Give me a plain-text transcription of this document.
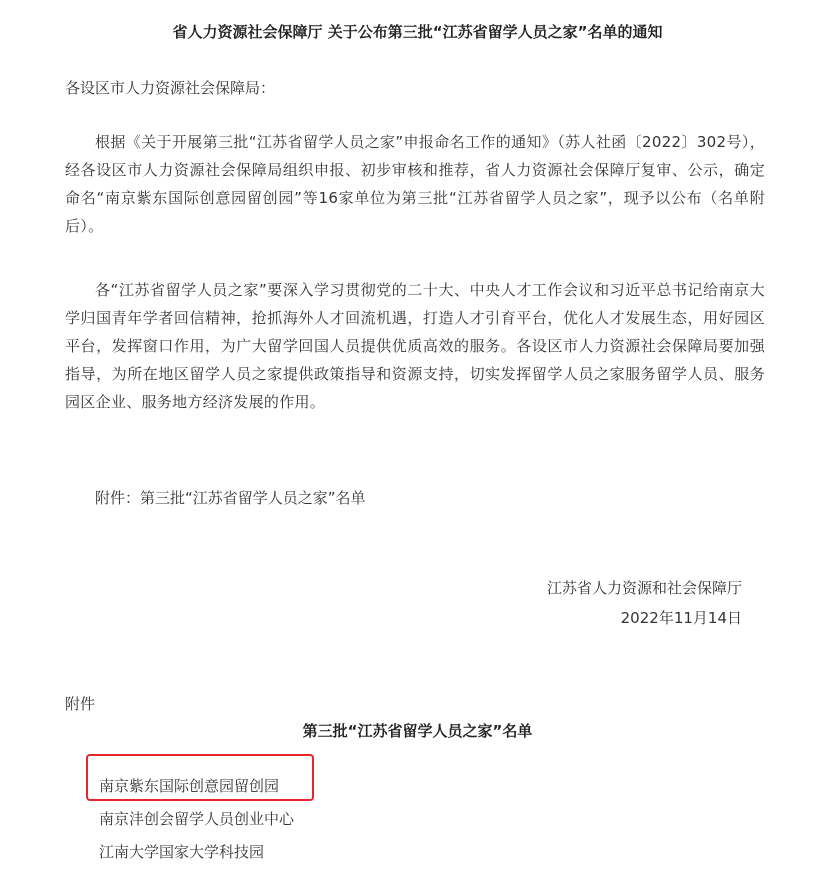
省人力资源社会保障厅 关于公布第三批“江苏省留学人员之家”名单的通知
各设区市人力资源社会保障局：
根据《关于开展第三批“江苏省留学人员之家”申报命名工作的通知》（苏人社函〔2022〕302号），经各设区市人力资源社会保障局组织申报、初步审核和推荐，省人力资源社会保障厅复审、公示，确定命名“南京紫东国际创意园留创园”等16家单位为第三批“江苏省留学人员之家”，现予以公布（名单附后）。
各“江苏省留学人员之家”要深入学习贯彻党的二十大、中央人才工作会议和习近平总书记给南京大学归国青年学者回信精神，抢抓海外人才回流机遇，打造人才引育平台，优化人才发展生态，用好园区平台，发挥窗口作用，为广大留学回国人员提供优质高效的服务。各设区市人力资源社会保障局要加强指导，为所在地区留学人员之家提供政策指导和资源支持，切实发挥留学人员之家服务留学人员、服务园区企业、服务地方经济发展的作用。
附件：第三批“江苏省留学人员之家”名单
江苏省人力资源和社会保障厅
2022年11月14日
附件
第三批“江苏省留学人员之家”名单
南京紫东国际创意园留创园
南京沣创会留学人员创业中心
江南大学国家大学科技园
